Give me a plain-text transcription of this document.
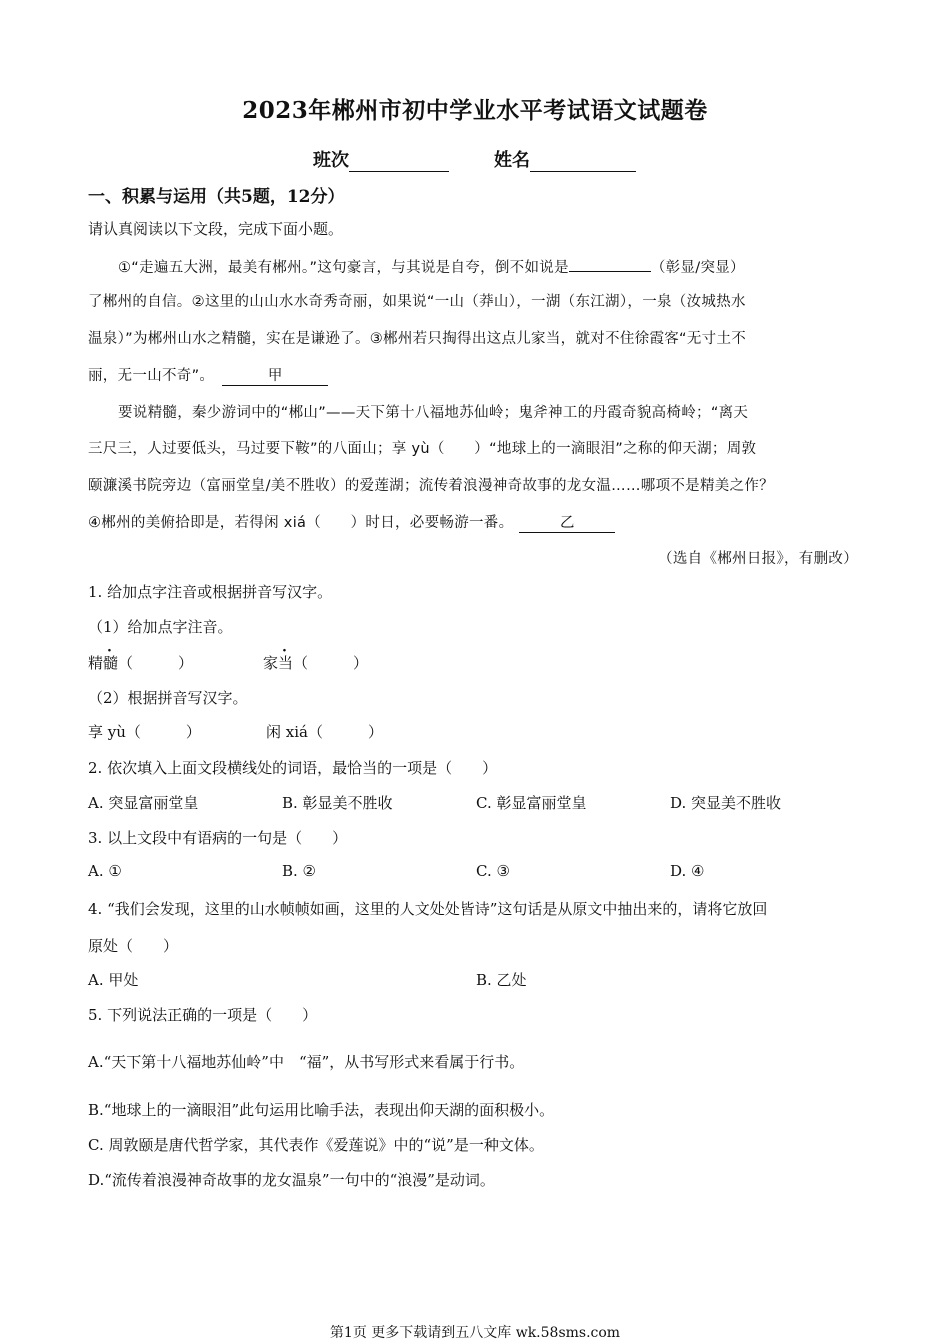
2023年郴州市初中学业水平考试语文试题卷
班次	姓名
一、积累与运用（共5题，12分）
请认真阅读以下文段，完成下面小题。
①“走遍五大洲，最美有郴州。”这句豪言，与其说是自夸，倒不如说是	（彰显/突显）
了郴州的自信。②这里的山山水水奇秀奇丽，如果说“一山（莽山），一湖（东江湖），一泉（汝城热水
温泉）”为郴州山水之精髓，实在是谦逊了。③郴州若只掏得出这点儿家当，就对不住徐霞客“无寸土不
丽，无一山不奇”。	甲
要说精髓，秦少游词中的“郴山”——天下第十八福地苏仙岭；鬼斧神工的丹霞奇貌高椅岭；“离天
三尺三，人过要低头，马过要下鞍”的八面山；享 yù（　　）“地球上的一滴眼泪”之称的仰天湖；周敦
颐濂溪书院旁边（富丽堂皇/美不胜收）的爱莲湖；流传着浪漫神奇故事的龙女温……哪项不是精美之作？
④郴州的美俯拾即是，若得闲 xiá（　　）时日，必要畅游一番。	乙
（选自《郴州日报》，有删改）
1. 给加点字注音或根据拼音写汉字。
（1）给加点字注音。
精髓（　　　）	家当（　　　）
（2）根据拼音写汉字。
享 yù（　　　）	闲 xiá（　　　）
2. 依次填入上面文段横线处的词语，最恰当的一项是（　　）
A. 突显富丽堂皇	B. 彰显美不胜收	C. 彰显富丽堂皇	D. 突显美不胜收
3. 以上文段中有语病的一句是（　　）
A. ①	B. ②	C. ③	D. ④
4. “我们会发现，这里的山水帧帧如画，这里的人文处处皆诗”这句话是从原文中抽出来的，请将它放回
原处（　　）
A. 甲处	B. 乙处
5. 下列说法正确的一项是（　　）
A.“天下第十八福地苏仙岭”中　“福”，从书写形式来看属于行书。
B.“地球上的一滴眼泪”此句运用比喻手法，表现出仰天湖的面积极小。
C. 周敦颐是唐代哲学家，其代表作《爱莲说》中的“说”是一种文体。
D.“流传着浪漫神奇故事的龙女温泉”一句中的“浪漫”是动词。
第1页 更多下载请到五八文库 wk.58sms.com
